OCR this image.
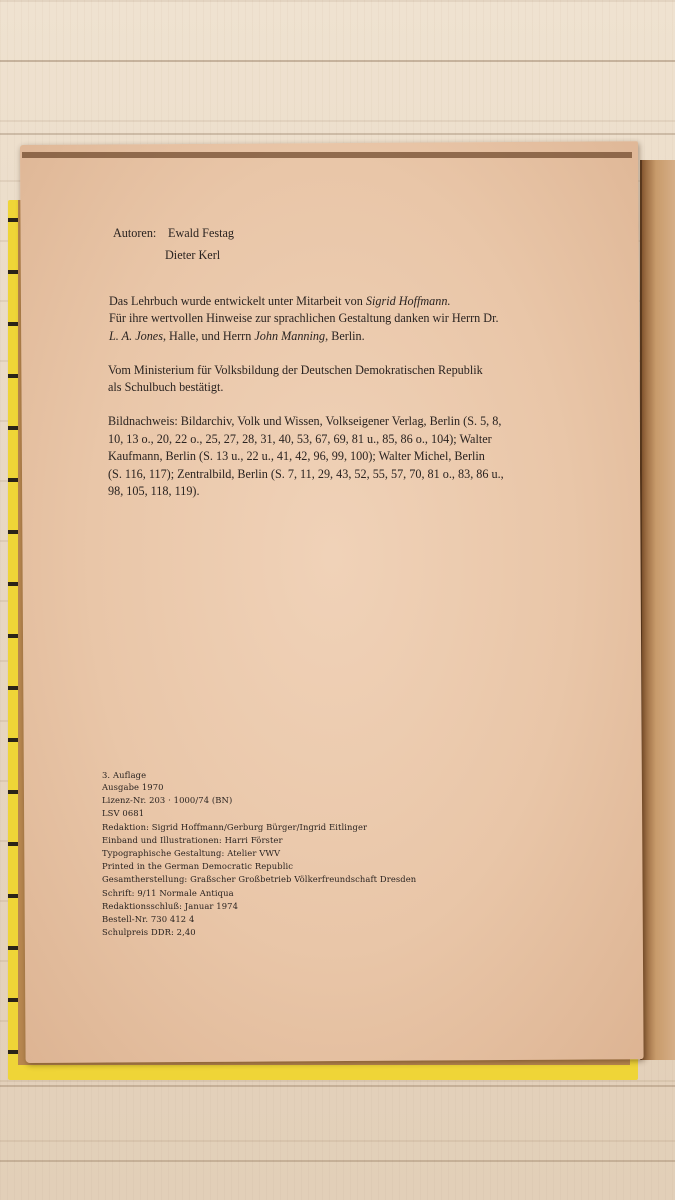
Autoren: Ewald Festag
Dieter Kerl
Das Lehrbuch wurde entwickelt unter Mitarbeit von Sigrid Hoffmann.
Für ihre wertvollen Hinweise zur sprachlichen Gestaltung danken wir Herrn Dr.
L. A. Jones, Halle, und Herrn John Manning, Berlin.
Vom Ministerium für Volksbildung der Deutschen Demokratischen Republik
als Schulbuch bestätigt.
Bildnachweis: Bildarchiv, Volk und Wissen, Volkseigener Verlag, Berlin (S. 5, 8,
10, 13 o., 20, 22 o., 25, 27, 28, 31, 40, 53, 67, 69, 81 u., 85, 86 o., 104); Walter
Kaufmann, Berlin (S. 13 u., 22 u., 41, 42, 96, 99, 100); Walter Michel, Berlin
(S. 116, 117); Zentralbild, Berlin (S. 7, 11, 29, 43, 52, 55, 57, 70, 81 o., 83, 86 u.,
98, 105, 118, 119).
3. Auflage
Ausgabe 1970
Lizenz-Nr. 203 · 1000/74 (BN)
LSV 0681
Redaktion: Sigrid Hoffmann/Gerburg Bürger/Ingrid Eitlinger
Einband und Illustrationen: Harri Förster
Typographische Gestaltung: Atelier VWV
Printed in the German Democratic Republic
Gesamtherstellung: Graßscher Großbetrieb Völkerfreundschaft Dresden
Schrift: 9/11 Normale Antiqua
Redaktionsschluß: Januar 1974
Bestell-Nr. 730 412 4
Schulpreis DDR: 2,40
